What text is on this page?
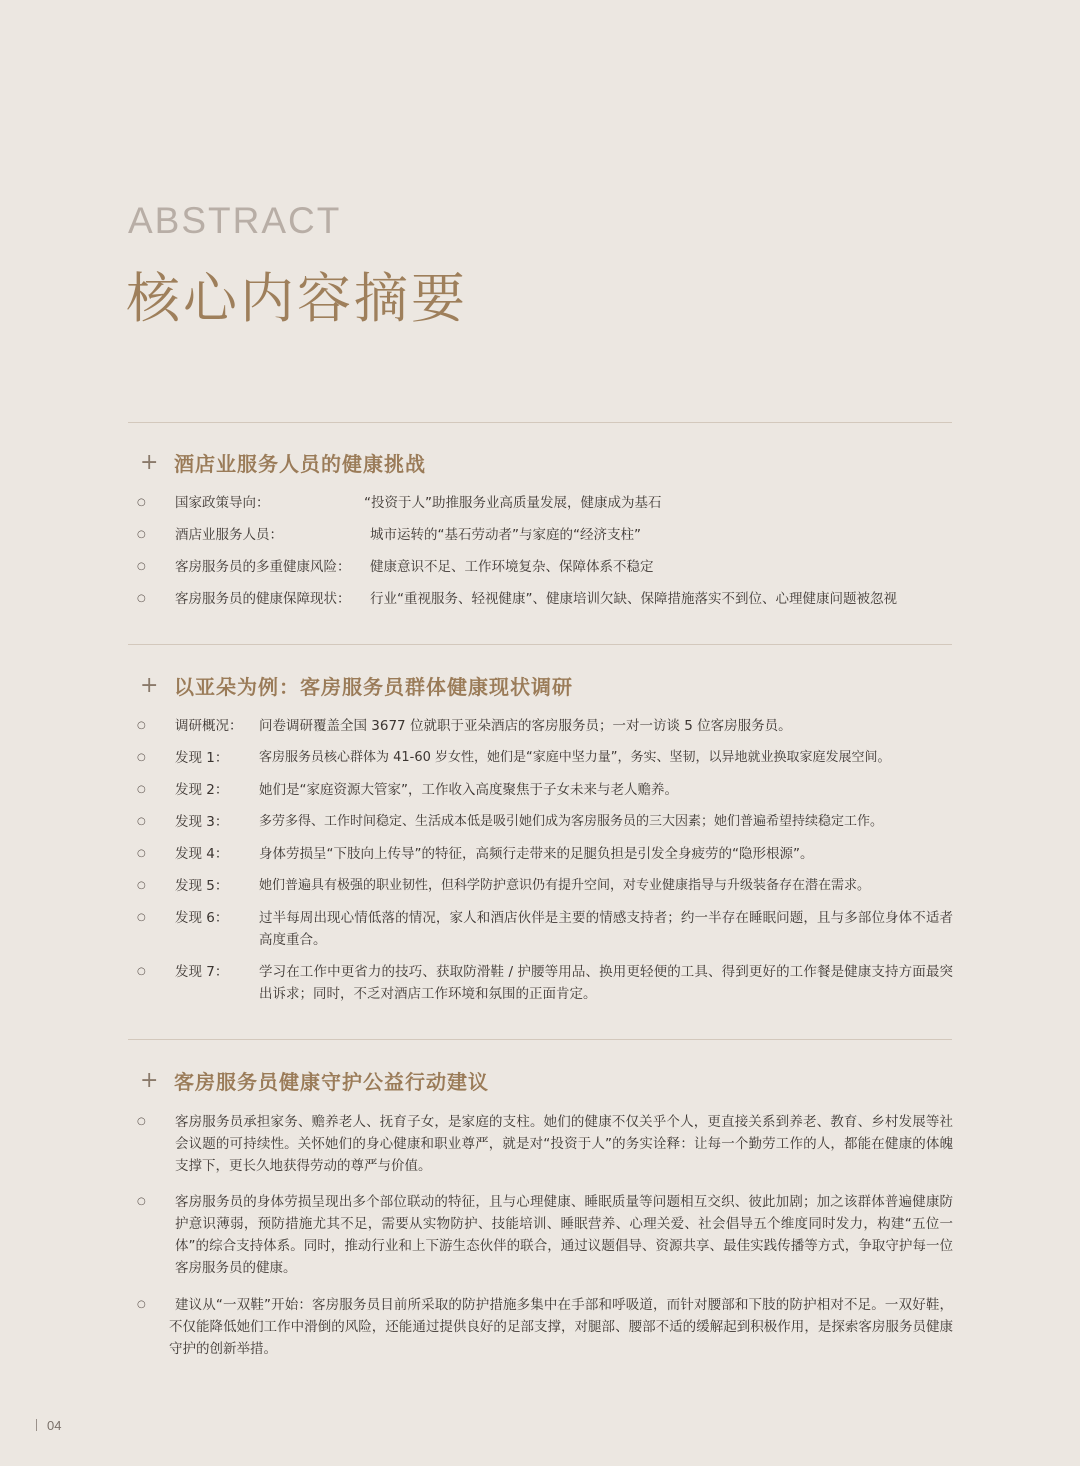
ABSTRACT
核心内容摘要
+ 酒店业服务人员的健康挑战
○ 国家政策导向：	“投资于人”助推服务业高质量发展，健康成为基石
○ 酒店业服务人员：	城市运转的“基石劳动者”与家庭的“经济支柱”
○ 客房服务员的多重健康风险： 健康意识不足、工作环境复杂、保障体系不稳定
○ 客房服务员的健康保障现状： 行业“重视服务、轻视健康”、健康培训欠缺、保障措施落实不到位、心理健康问题被忽视
+ 以亚朵为例：客房服务员群体健康现状调研
○ 调研概况： 问卷调研覆盖全国 3677 位就职于亚朵酒店的客房服务员；一对一访谈 5 位客房服务员。
○ 发现 1： 客房服务员核心群体为 41-60 岁女性，她们是“家庭中坚力量”，务实、坚韧，以异地就业换取家庭发展空间。
○ 发现 2： 她们是“家庭资源大管家”，工作收入高度聚焦于子女未来与老人赡养。
○ 发现 3： 多劳多得、工作时间稳定、生活成本低是吸引她们成为客房服务员的三大因素；她们普遍希望持续稳定工作。
○ 发现 4： 身体劳损呈“下肢向上传导”的特征，高频行走带来的足腿负担是引发全身疲劳的“隐形根源”。
○ 发现 5： 她们普遍具有极强的职业韧性，但科学防护意识仍有提升空间，对专业健康指导与升级装备存在潜在需求。
○ 发现 6： 过半每周出现心情低落的情况，家人和酒店伙伴是主要的情感支持者；约一半存在睡眠问题，且与多部位身体不适者高度重合。
○ 发现 7： 学习在工作中更省力的技巧、获取防滑鞋 / 护腰等用品、换用更轻便的工具、得到更好的工作餐是健康支持方面最突出诉求；同时，不乏对酒店工作环境和氛围的正面肯定。
+ 客房服务员健康守护公益行动建议
○ 客房服务员承担家务、赡养老人、抚育子女，是家庭的支柱。她们的健康不仅关乎个人，更直接关系到养老、教育、乡村发展等社会议题的可持续性。关怀她们的身心健康和职业尊严，就是对“投资于人”的务实诠释：让每一个勤劳工作的人，都能在健康的体魄支撑下，更长久地获得劳动的尊严与价值。
○ 客房服务员的身体劳损呈现出多个部位联动的特征，且与心理健康、睡眠质量等问题相互交织、彼此加剧；加之该群体普遍健康防护意识薄弱，预防措施尤其不足，需要从实物防护、技能培训、睡眠营养、心理关爱、社会倡导五个维度同时发力，构建“五位一体”的综合支持体系。同时，推动行业和上下游生态伙伴的联合，通过议题倡导、资源共享、最佳实践传播等方式，争取守护每一位客房服务员的健康。
○	建议从“一双鞋”开始：客房服务员目前所采取的防护措施多集中在手部和呼吸道，而针对腰部和下肢的防护相对不足。一双好鞋，不仅能降低她们工作中滑倒的风险，还能通过提供良好的足部支撑，对腿部、腰部不适的缓解起到积极作用，是探索客房服务员健康守护的创新举措。
04
